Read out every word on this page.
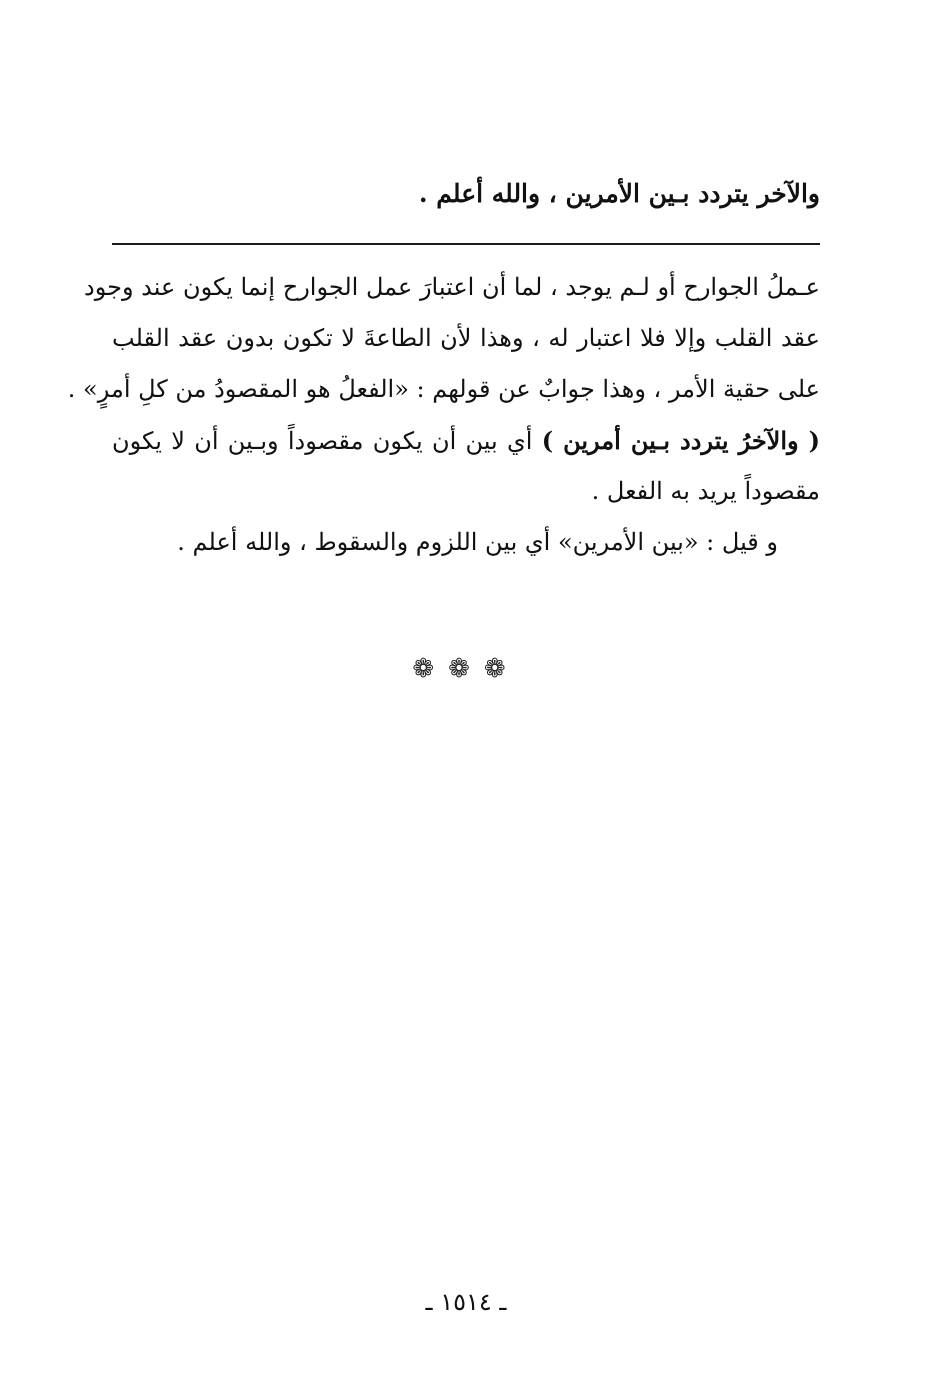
والآخر يتردد بـين الأمرين ، والله أعلم .
عـملُ الجوارح أو لـم يوجد ، لما أن اعتبارَ عمل الجوارح إنما يكون عند وجود
عقد القلب وإلا فلا اعتبار له ، وهذا لأن الطاعةَ لا تكون بدون عقد القلب
على حقية الأمر ، وهذا جوابٌ عن قولهم : «الفعلُ هو المقصودُ من كلِ أمرٍ» .
( والآخرُ يتردد بـين أمرين ) أي بين أن يكون مقصوداً وبـين أن لا يكون
مقصوداً يريد به الفعل .
و قيل : «بين الأمرين» أي بين اللزوم والسقوط ، والله أعلم .
❁❁❁
ـ ١٥١٤ ـ
